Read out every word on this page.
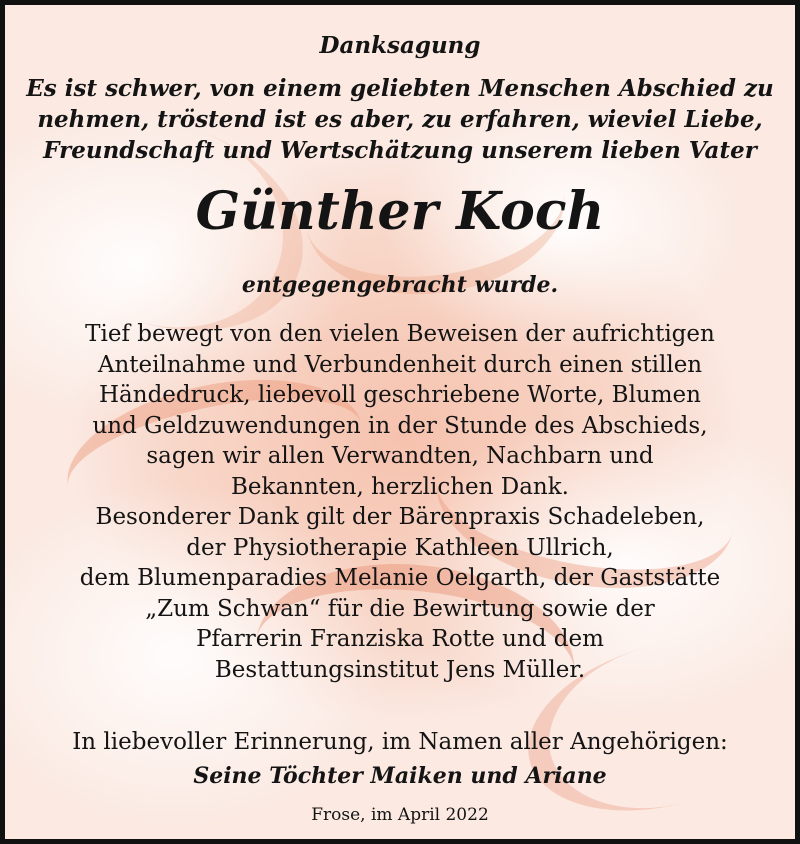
Danksagung
Es ist schwer, von einem geliebten Menschen Abschied zu
nehmen, tröstend ist es aber, zu erfahren, wieviel Liebe,
Freundschaft und Wertschätzung unserem lieben Vater
Günther Koch
entgegengebracht wurde.
Tief bewegt von den vielen Beweisen der aufrichtigen
Anteilnahme und Verbundenheit durch einen stillen
Händedruck, liebevoll geschriebene Worte, Blumen
und Geldzuwendungen in der Stunde des Abschieds,
sagen wir allen Verwandten, Nachbarn und
Bekannten, herzlichen Dank.
Besonderer Dank gilt der Bärenpraxis Schadeleben,
der Physiotherapie Kathleen Ullrich,
dem Blumenparadies Melanie Oelgarth, der Gaststätte
„Zum Schwan“ für die Bewirtung sowie der
Pfarrerin Franziska Rotte und dem
Bestattungsinstitut Jens Müller.
In liebevoller Erinnerung, im Namen aller Angehörigen:
Seine Töchter Maiken und Ariane
Frose, im April 2022
